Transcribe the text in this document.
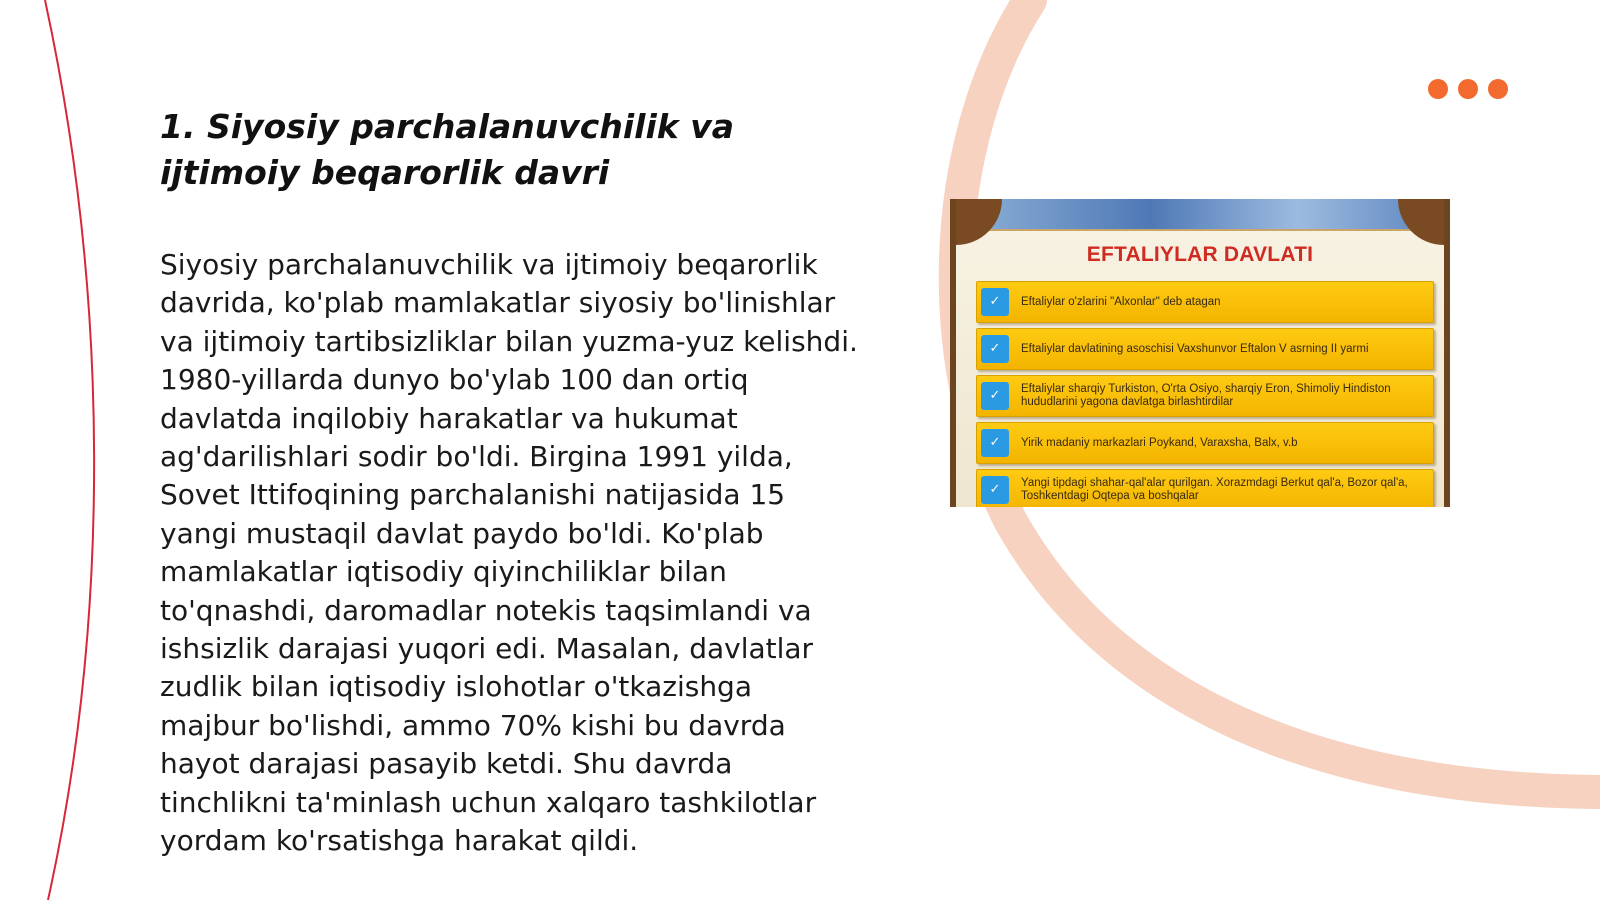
1. Siyosiy parchalanuvchilik va
ijtimoiy beqarorlik davri

Siyosiy parchalanuvchilik va ijtimoiy beqarorlik davrida, ko'plab mamlakatlar siyosiy bo'linishlar va ijtimoiy tartibsizliklar bilan yuzma-yuz kelishdi. 1980-yillarda dunyo bo'ylab 100 dan ortiq davlatda inqilobiy harakatlar va hukumat ag'darilishlari sodir bo'ldi. Birgina 1991 yilda, Sovet Ittifoqining parchalanishi natijasida 15 yangi mustaqil davlat paydo bo'ldi. Ko'plab mamlakatlar iqtisodiy qiyinchiliklar bilan to'qnashdi, daromadlar notekis taqsimlandi va ishsizlik darajasi yuqori edi. Masalan, davlatlar zudlik bilan iqtisodiy islohotlar o'tkazishga majbur bo'lishdi, ammo 70% kishi bu davrda hayot darajasi pasayib ketdi. Shu davrda tinchlikni ta'minlash uchun xalqaro tashkilotlar yordam ko'rsatishga harakat qildi.

EFTALIYLAR DAVLATI
✓	Eftaliylar o'zlarini "Alxonlar" deb atagan
✓	Eftaliylar davlatining asoschisi Vaxshunvor Eftalon V asrning II yarmi
✓	Eftaliylar sharqiy Turkiston, O'rta Osiyo, sharqiy Eron, Shimoliy Hindiston hududlarini yagona davlatga birlashtirdilar
✓	Yirik madaniy markazlari Poykand, Varaxsha, Balx, v.b
✓	Yangi tipdagi shahar-qal'alar qurilgan. Xorazmdagi Berkut qal'a, Bozor qal'a, Toshkentdagi Oqtepa va boshqalar
